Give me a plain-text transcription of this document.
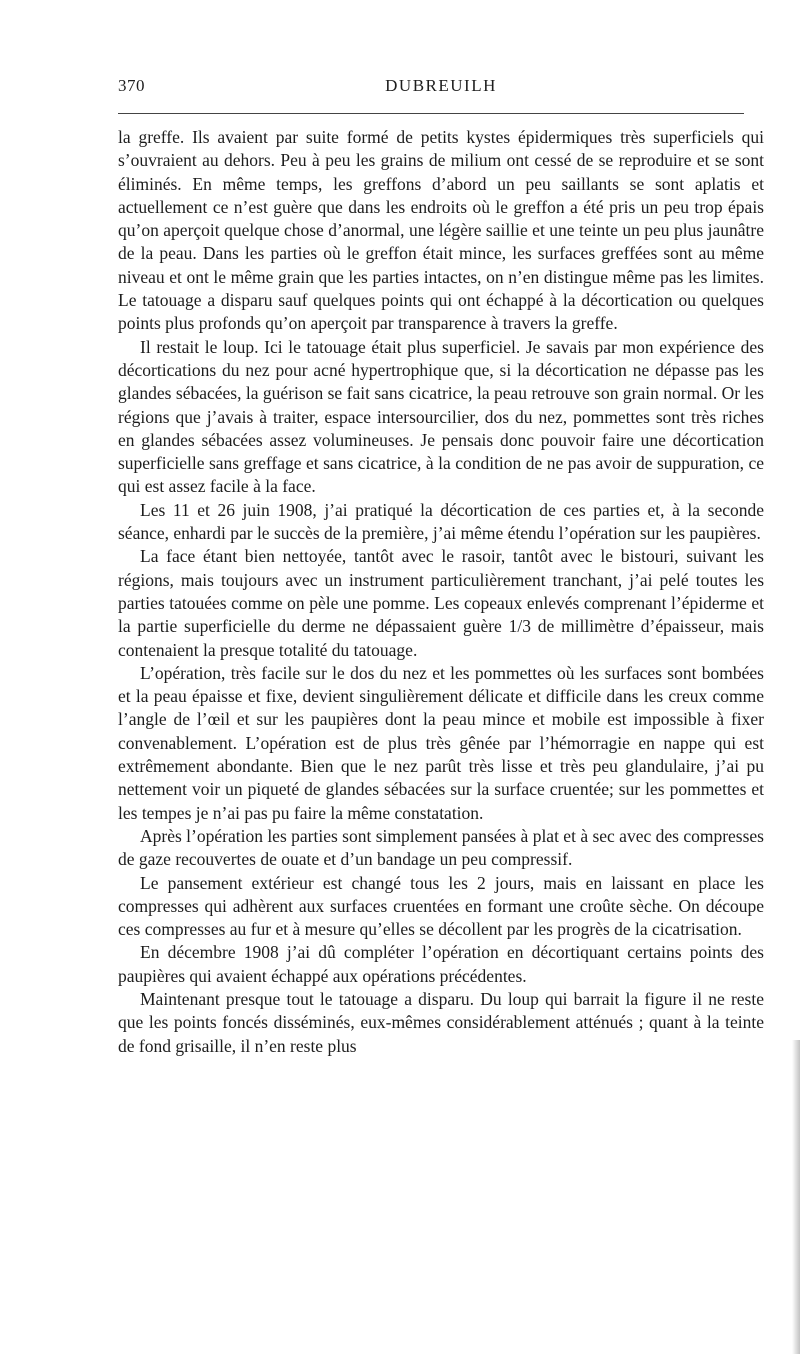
370	DUBREUILH

la greffe. Ils avaient par suite formé de petits kystes épidermiques très superficiels qui s’ouvraient au dehors. Peu à peu les grains de milium ont cessé de se reproduire et se sont éliminés. En même temps, les greffons d’abord un peu saillants se sont aplatis et actuellement ce n’est guère que dans les endroits où le greffon a été pris un peu trop épais qu’on aperçoit quelque chose d’anormal, une légère saillie et une teinte un peu plus jaunâtre de la peau. Dans les parties où le greffon était mince, les surfaces greffées sont au même niveau et ont le même grain que les parties intactes, on n’en distingue même pas les limites. Le tatouage a disparu sauf quelques points qui ont échappé à la décortication ou quelques points plus profonds qu’on aperçoit par transparence à travers la greffe.

Il restait le loup. Ici le tatouage était plus superficiel. Je savais par mon expérience des décortications du nez pour acné hypertrophique que, si la décortication ne dépasse pas les glandes sébacées, la guérison se fait sans cicatrice, la peau retrouve son grain normal. Or les régions que j’avais à traiter, espace intersourcilier, dos du nez, pommettes sont très riches en glandes sébacées assez volumineuses. Je pensais donc pouvoir faire une décortication superficielle sans greffage et sans cicatrice, à la condition de ne pas avoir de suppuration, ce qui est assez facile à la face.

Les 11 et 26 juin 1908, j’ai pratiqué la décortication de ces parties et, à la seconde séance, enhardi par le succès de la première, j’ai même étendu l’opération sur les paupières.

La face étant bien nettoyée, tantôt avec le rasoir, tantôt avec le bistouri, suivant les régions, mais toujours avec un instrument particulièrement tranchant, j’ai pelé toutes les parties tatouées comme on pèle une pomme. Les copeaux enlevés comprenant l’épiderme et la partie superficielle du derme ne dépassaient guère 1/3 de millimètre d’épaisseur, mais contenaient la presque totalité du tatouage.

L’opération, très facile sur le dos du nez et les pommettes où les surfaces sont bombées et la peau épaisse et fixe, devient singulièrement délicate et difficile dans les creux comme l’angle de l’œil et sur les paupières dont la peau mince et mobile est impossible à fixer convenablement. L’opération est de plus très gênée par l’hémorragie en nappe qui est extrêmement abondante. Bien que le nez parût très lisse et très peu glandulaire, j’ai pu nettement voir un piqueté de glandes sébacées sur la surface cruentée; sur les pommettes et les tempes je n’ai pas pu faire la même constatation.

Après l’opération les parties sont simplement pansées à plat et à sec avec des compresses de gaze recouvertes de ouate et d’un bandage un peu compressif.

Le pansement extérieur est changé tous les 2 jours, mais en laissant en place les compresses qui adhèrent aux surfaces cruentées en formant une croûte sèche. On découpe ces compresses au fur et à mesure qu’elles se décollent par les progrès de la cicatrisation.

En décembre 1908 j’ai dû compléter l’opération en décortiquant certains points des paupières qui avaient échappé aux opérations précédentes.

Maintenant presque tout le tatouage a disparu. Du loup qui barrait la figure il ne reste que les points foncés disséminés, eux-mêmes considérablement atténués ; quant à la teinte de fond grisaille, il n’en reste plus
